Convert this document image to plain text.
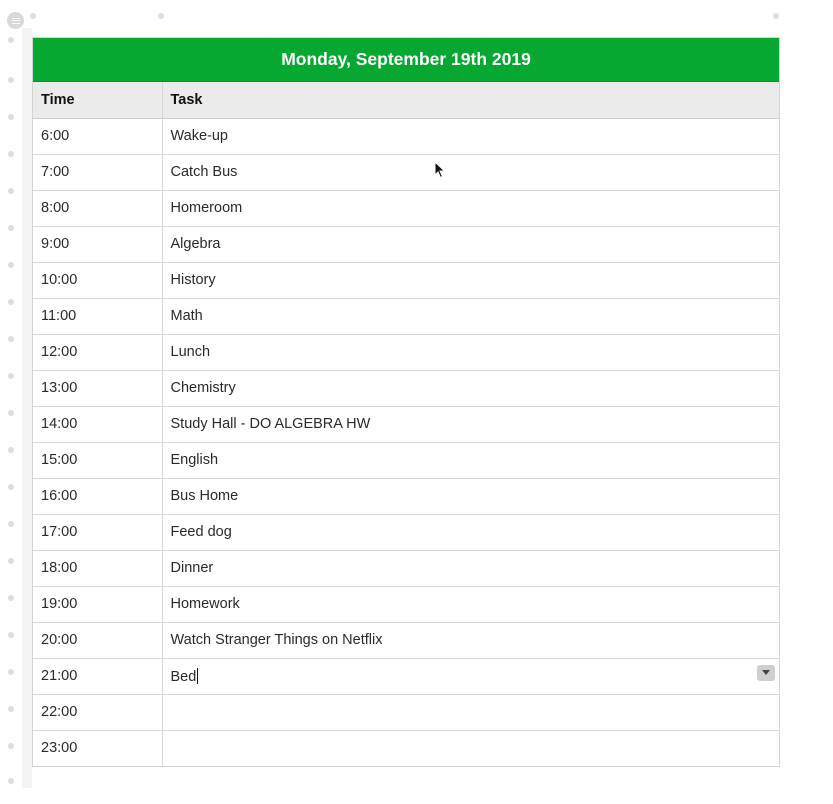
Monday, September 19th 2019
Time	Task
6:00	Wake-up
7:00	Catch Bus
8:00	Homeroom
9:00	Algebra
10:00	History
11:00	Math
12:00	Lunch
13:00	Chemistry
14:00	Study Hall - DO ALGEBRA HW
15:00	English
16:00	Bus Home
17:00	Feed dog
18:00	Dinner
19:00	Homework
20:00	Watch Stranger Things on Netflix
21:00	Bed

22:00	
23:00	
